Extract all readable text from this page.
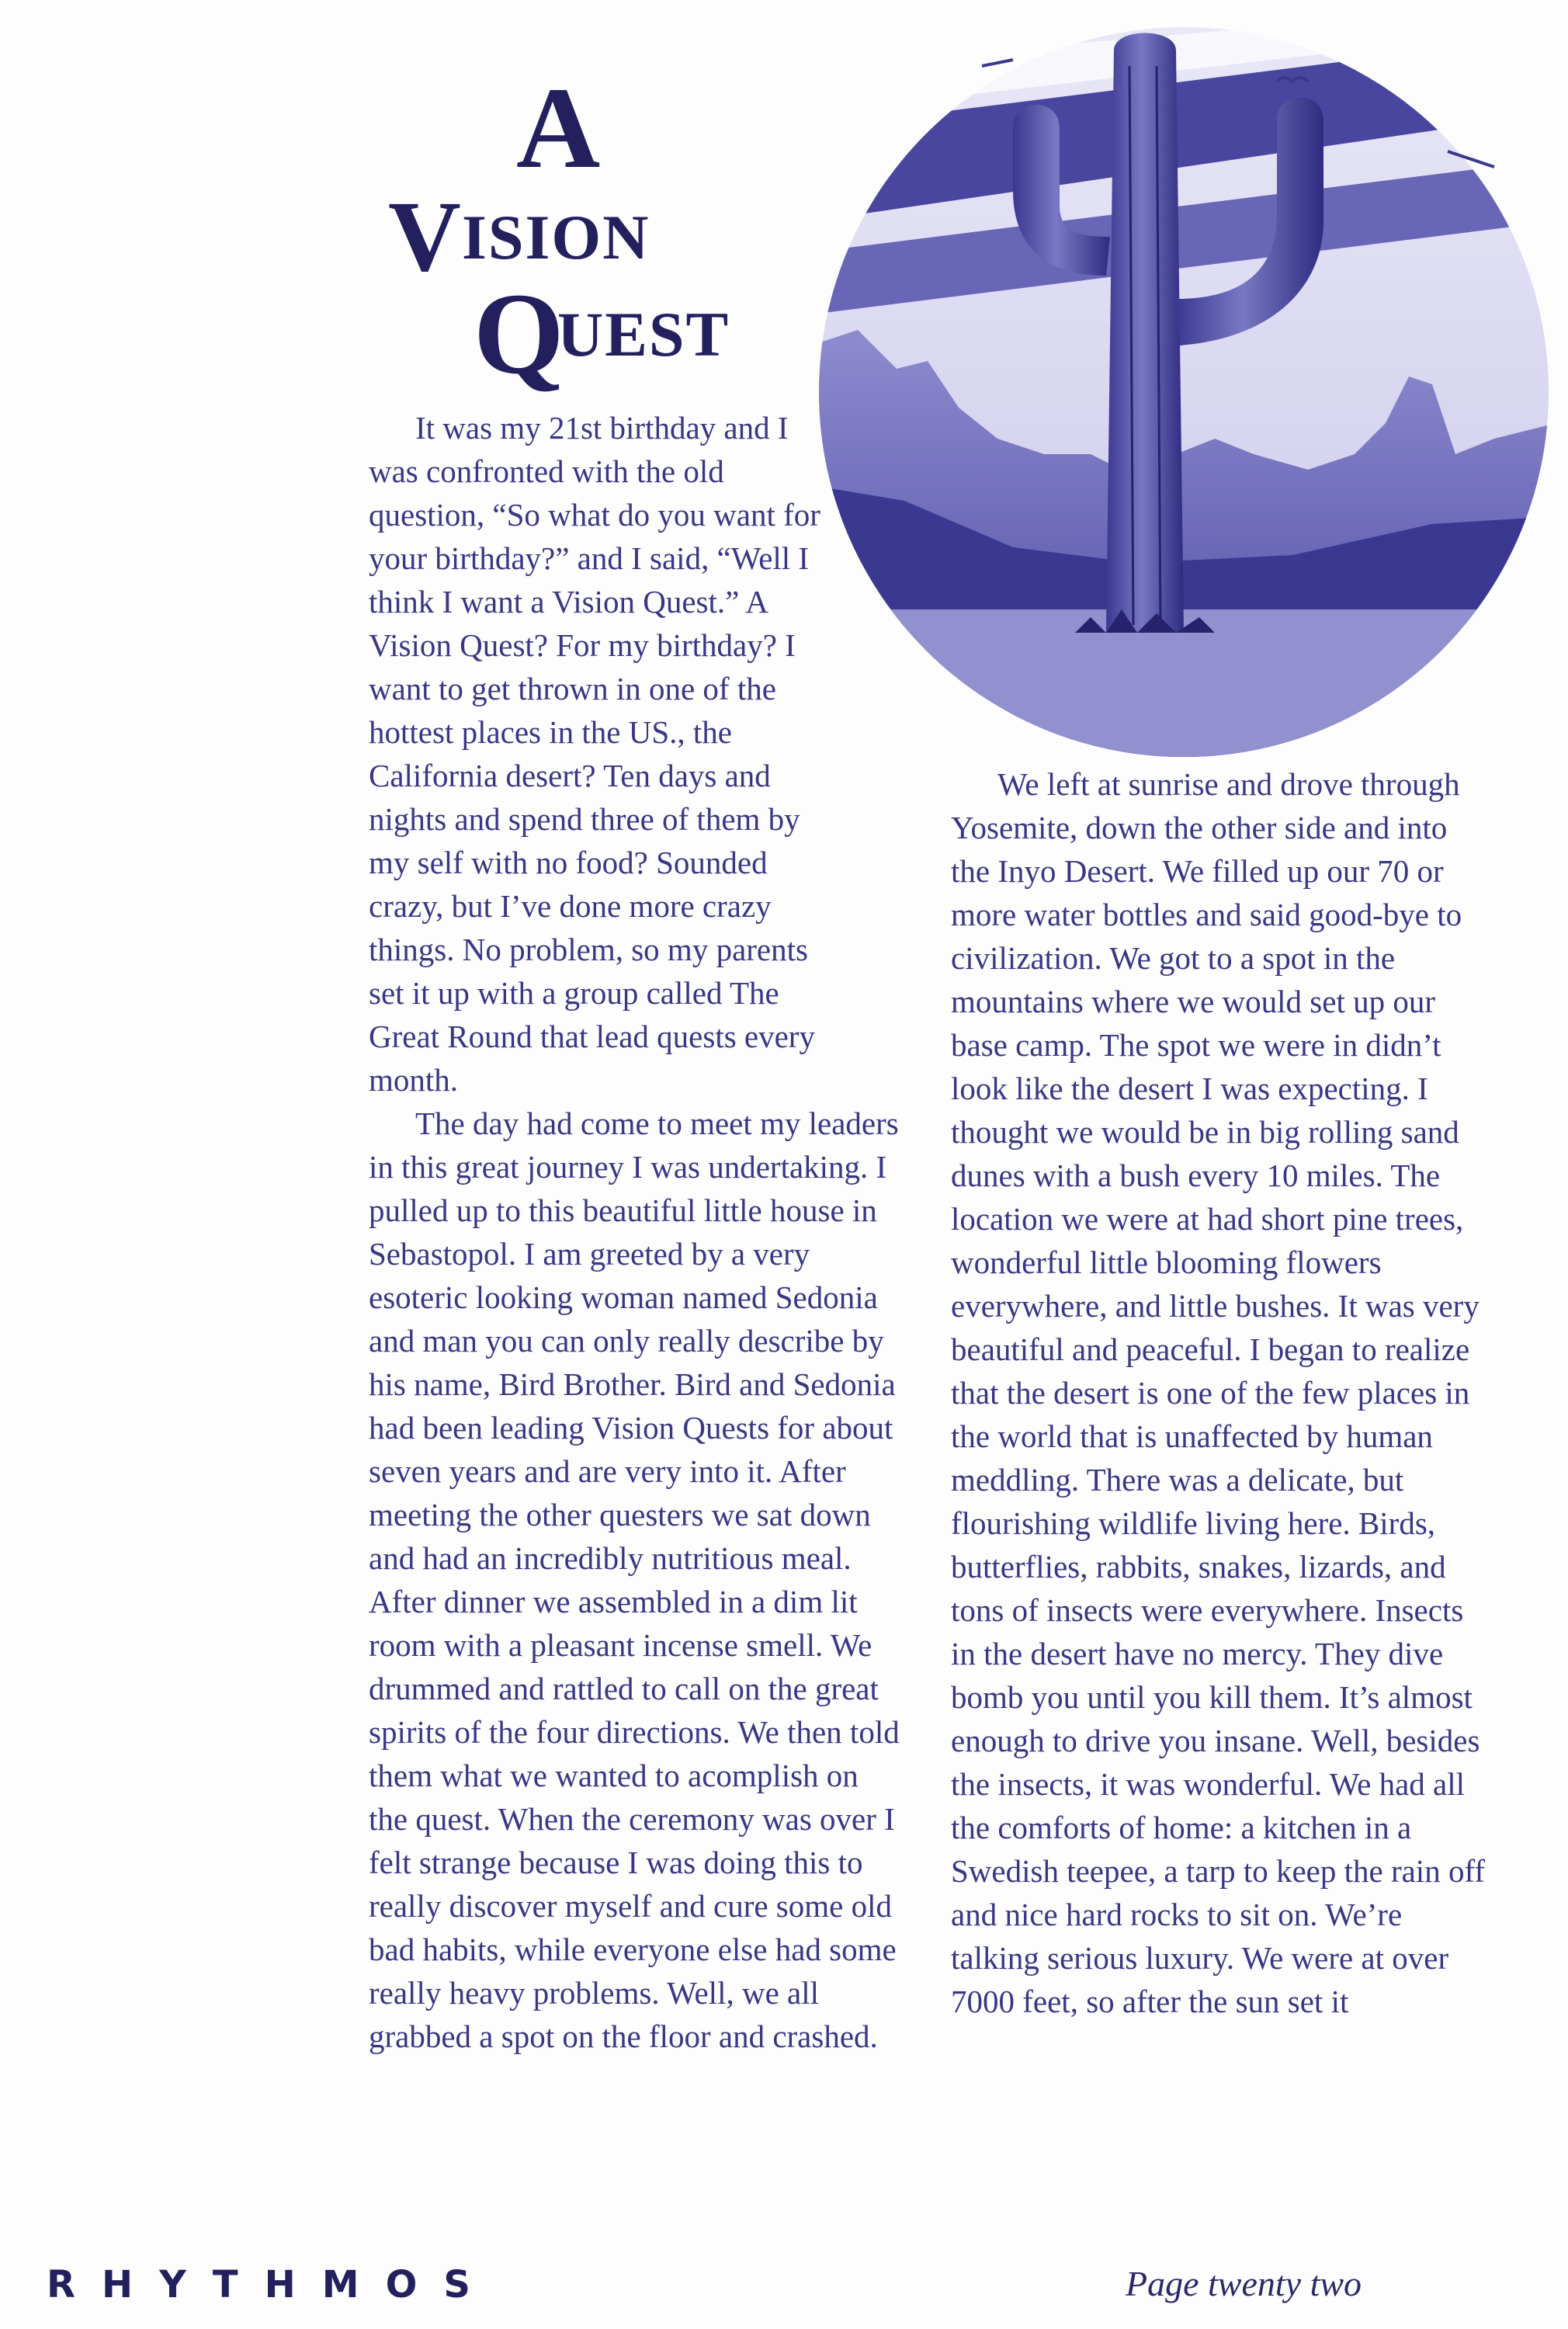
A
V ISION
Q
UEST

It was my 21st birthday and I was confronted with the old question, “So what do you want for your birthday?” and I said, “Well I think I want a Vision Quest.” A Vision Quest? For my birthday? I want to get thrown in one of the hottest places in the US., the California desert? Ten days and nights and spend three of them by my self with no food? Sounded crazy, but I’ve done more crazy things. No problem, so my parents set it up with a group called The Great Round that lead quests every month.

The day had come to meet my leaders in this great journey I was undertaking. I pulled up to this beautiful little house in Sebastopol. I am greeted by a very esoteric looking woman named Sedonia and man you can only really describe by his name, Bird Brother. Bird and Sedonia had been leading Vision Quests for about seven years and are very into it. After meeting the other questers we sat down and had an incredibly nutritious meal. After dinner we assembled in a dim lit room with a pleasant incense smell. We drummed and rattled to call on the great spirits of the four directions. We then told them what we wanted to acomplish on the quest. When the ceremony was over I felt strange because I was doing this to really discover myself and cure some old bad habits, while everyone else had some really heavy problems. Well, we all grabbed a spot on the floor and crashed.

We left at sunrise and drove through Yosemite, down the other side and into the Inyo Desert. We filled up our 70 or more water bottles and said good-bye to civilization. We got to a spot in the mountains where we would set up our base camp. The spot we were in didn’t look like the desert I was expecting. I thought we would be in big rolling sand dunes with a bush every 10 miles. The location we were at had short pine trees, wonderful little blooming flowers everywhere, and little bushes. It was very beautiful and peaceful. I began to realize that the desert is one of the few places in the world that is unaffected by human meddling. There was a delicate, but flourishing wildlife living here. Birds, butterflies, rabbits, snakes, lizards, and tons of insects were everywhere. Insects in the desert have no mercy. They dive bomb you until you kill them. It’s almost enough to drive you insane. Well, besides the insects, it was wonderful. We had all the comforts of home: a kitchen in a Swedish teepee, a tarp to keep the rain off and nice hard rocks to sit on. We’re talking serious luxury. We were at over 7000 feet, so after the sun set it

RHYTHMOS	Page twenty two
